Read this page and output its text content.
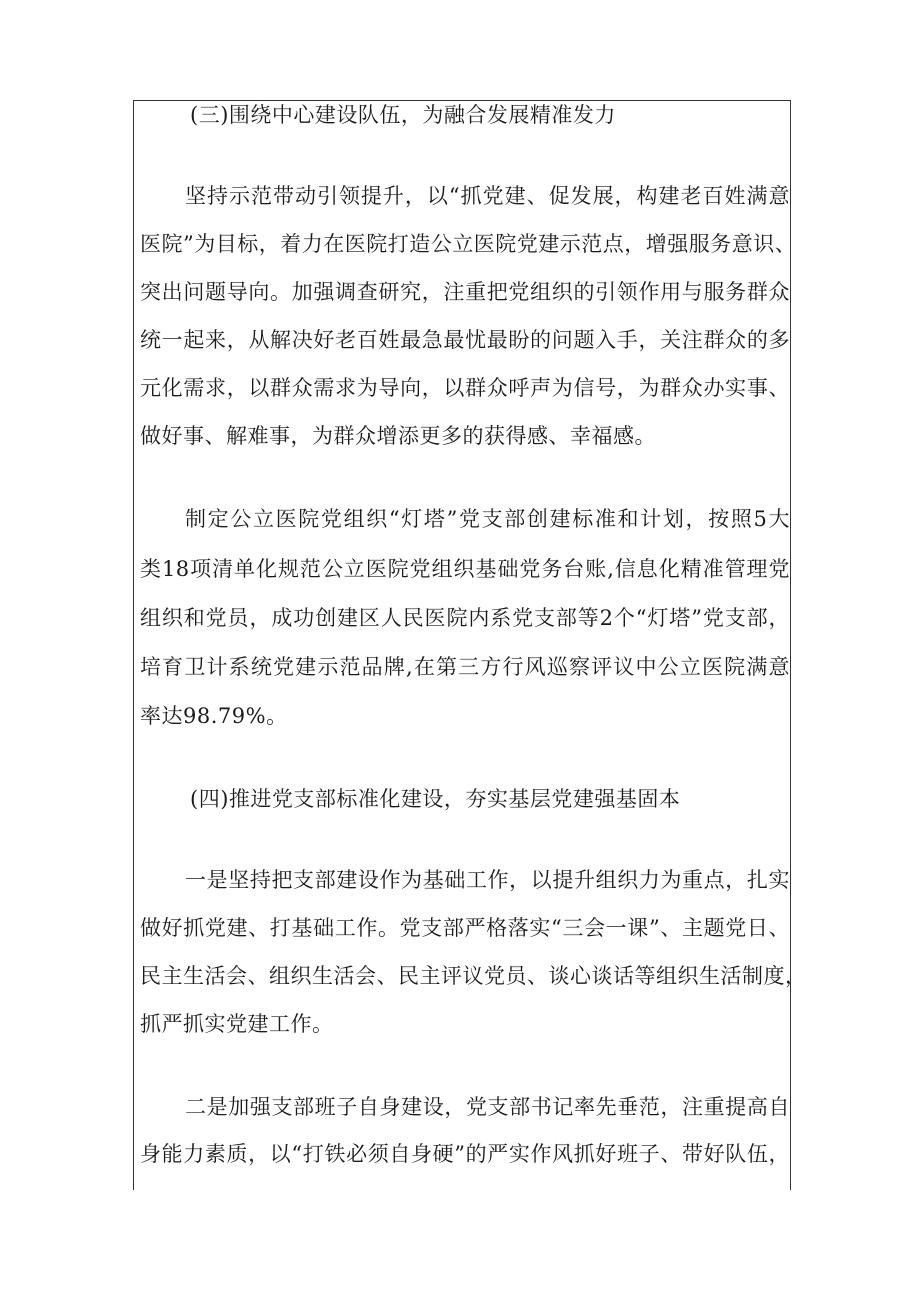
(三)围绕中心建设队伍，为融合发展精准发力
坚持示范带动引领提升，以“抓党建、促发展，构建老百姓满意
医院”为目标，着力在医院打造公立医院党建示范点，增强服务意识、
突出问题导向。加强调查研究，注重把党组织的引领作用与服务群众
统一起来，从解决好老百姓最急最忧最盼的问题入手，关注群众的多
元化需求，以群众需求为导向，以群众呼声为信号，为群众办实事、
做好事、解难事，为群众增添更多的获得感、幸福感。
制定公立医院党组织“灯塔”党支部创建标准和计划，按照5大
类18项清单化规范公立医院党组织基础党务台账,信息化精准管理党
组织和党员，成功创建区人民医院内系党支部等2个“灯塔”党支部，
培育卫计系统党建示范品牌,在第三方行风巡察评议中公立医院满意
率达98.79%。
(四)推进党支部标准化建设，夯实基层党建强基固本
一是坚持把支部建设作为基础工作，以提升组织力为重点，扎实
做好抓党建、打基础工作。党支部严格落实“三会一课”、主题党日、
民主生活会、组织生活会、民主评议党员、谈心谈话等组织生活制度，
抓严抓实党建工作。
二是加强支部班子自身建设，党支部书记率先垂范，注重提高自
身能力素质，以“打铁必须自身硬”的严实作风抓好班子、带好队伍，
